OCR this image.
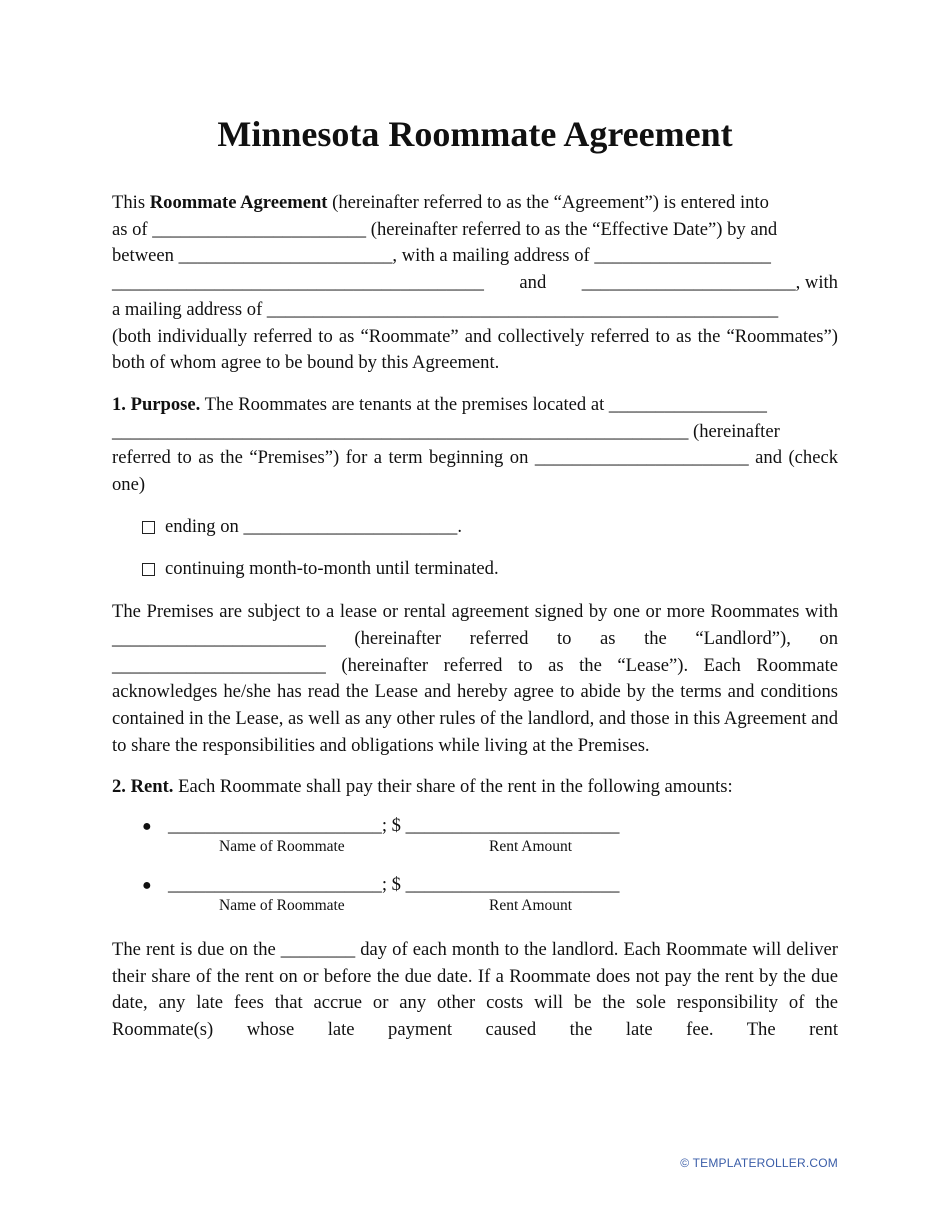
Minnesota Roommate Agreement

This Roommate Agreement (hereinafter referred to as the “Agreement”) is entered into

as of _______________________ (hereinafter referred to as the “Effective Date”) by and

between _______________________, with a mailing address of ___________________

________________________________________ and _______________________, with

a mailing address of _______________________________________________________

(both individually referred to as “Roommate” and collectively referred to as the “Roommates”) both of whom agree to be bound by this Agreement.

1. Purpose. The Roommates are tenants at the premises located at _________________

______________________________________________________________ (hereinafter

referred to as the “Premises”) for a term beginning on _______________________ and (check one)

ending on _______________________.
continuing month-to-month until terminated.

The Premises are subject to a lease or rental agreement signed by one or more Roommates with _______________________ (hereinafter referred to as the “Landlord”), on _______________________ (hereinafter referred to as the “Lease”). Each Roommate acknowledges he/she has read the Lease and hereby agree to abide by the terms and conditions contained in the Lease, as well as any other rules of the landlord, and those in this Agreement and to share the responsibilities and obligations while living at the Premises.

2. Rent. Each Roommate shall pay their share of the rent in the following amounts:

● _______________________; $ _______________________
Name of Roommate	Rent Amount
● _______________________; $ _______________________
Name of Roommate	Rent Amount

The rent is due on the ________ day of each month to the landlord. Each Roommate will deliver their share of the rent on or before the due date. If a Roommate does not pay the rent by the due date, any late fees that accrue or any other costs will be the sole responsibility of the Roommate(s) whose late payment caused the late fee. The rent

© TEMPLATEROLLER.COM
